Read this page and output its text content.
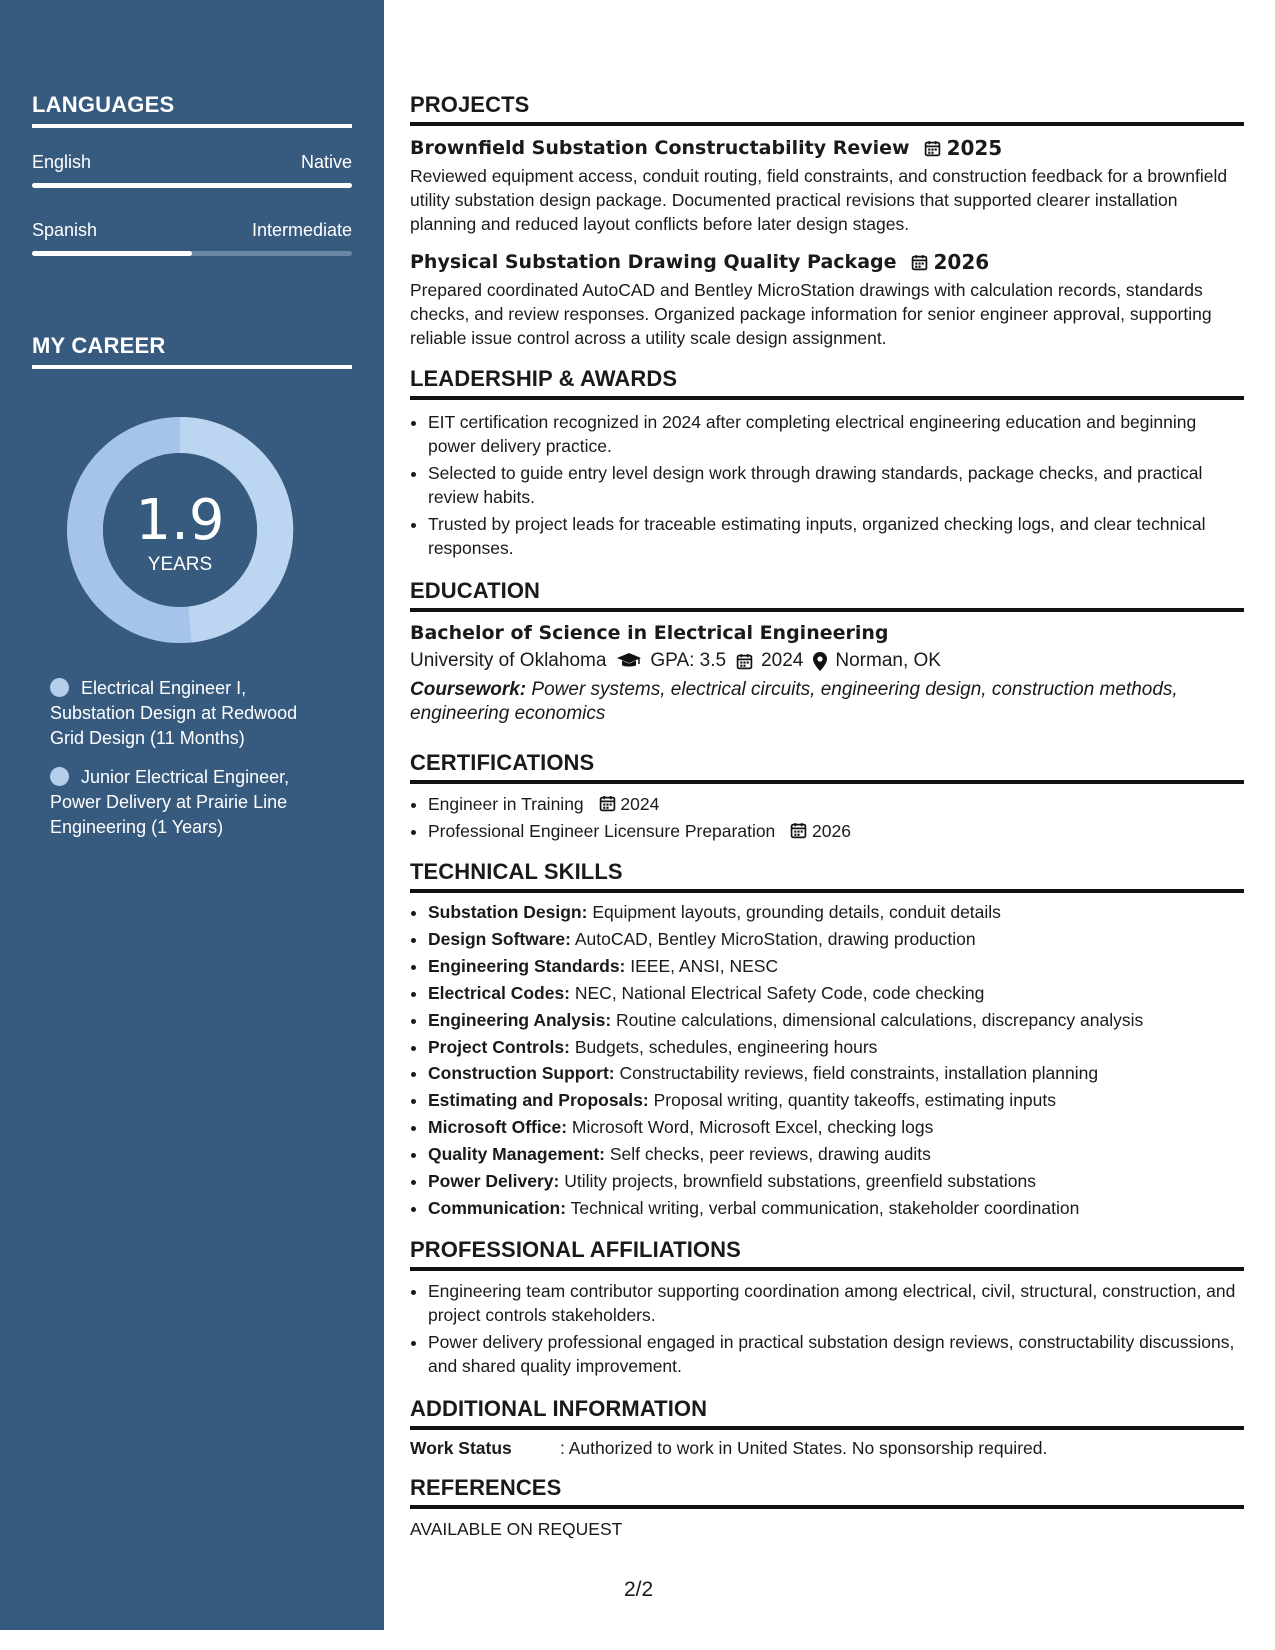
LANGUAGES
English	Native
Spanish	Intermediate
MY CAREER
1.9
YEARS
Electrical Engineer I, Substation Design at Redwood Grid Design (11 Months)
Junior Electrical Engineer, Power Delivery at Prairie Line Engineering (1 Years)
PROJECTS
Brownfield Substation Constructability Review 2025
Reviewed equipment access, conduit routing, field constraints, and construction feedback for a brownfield utility substation design package. Documented practical revisions that supported clearer installation planning and reduced layout conflicts before later design stages.
Physical Substation Drawing Quality Package 2026
Prepared coordinated AutoCAD and Bentley MicroStation drawings with calculation records, standards checks, and review responses. Organized package information for senior engineer approval, supporting reliable issue control across a utility scale design assignment.
LEADERSHIP & AWARDS
• EIT certification recognized in 2024 after completing electrical engineering education and beginning power delivery practice.
• Selected to guide entry level design work through drawing standards, package checks, and practical review habits.
• Trusted by project leads for traceable estimating inputs, organized checking logs, and clear technical responses.
EDUCATION
Bachelor of Science in Electrical Engineering
University of Oklahoma GPA: 3.5 2024 Norman, OK
Coursework: Power systems, electrical circuits, engineering design, construction methods, engineering economics
CERTIFICATIONS
• Engineer in Training 2024
• Professional Engineer Licensure Preparation 2026
TECHNICAL SKILLS
• Substation Design: Equipment layouts, grounding details, conduit details
• Design Software: AutoCAD, Bentley MicroStation, drawing production
• Engineering Standards: IEEE, ANSI, NESC
• Electrical Codes: NEC, National Electrical Safety Code, code checking
• Engineering Analysis: Routine calculations, dimensional calculations, discrepancy analysis
• Project Controls: Budgets, schedules, engineering hours
• Construction Support: Constructability reviews, field constraints, installation planning
• Estimating and Proposals: Proposal writing, quantity takeoffs, estimating inputs
• Microsoft Office: Microsoft Word, Microsoft Excel, checking logs
• Quality Management: Self checks, peer reviews, drawing audits
• Power Delivery: Utility projects, brownfield substations, greenfield substations
• Communication: Technical writing, verbal communication, stakeholder coordination
PROFESSIONAL AFFILIATIONS
• Engineering team contributor supporting coordination among electrical, civil, structural, construction, and project controls stakeholders.
• Power delivery professional engaged in practical substation design reviews, constructability discussions, and shared quality improvement.
ADDITIONAL INFORMATION
Work Status	: Authorized to work in United States. No sponsorship required.
REFERENCES
AVAILABLE ON REQUEST
2/2
